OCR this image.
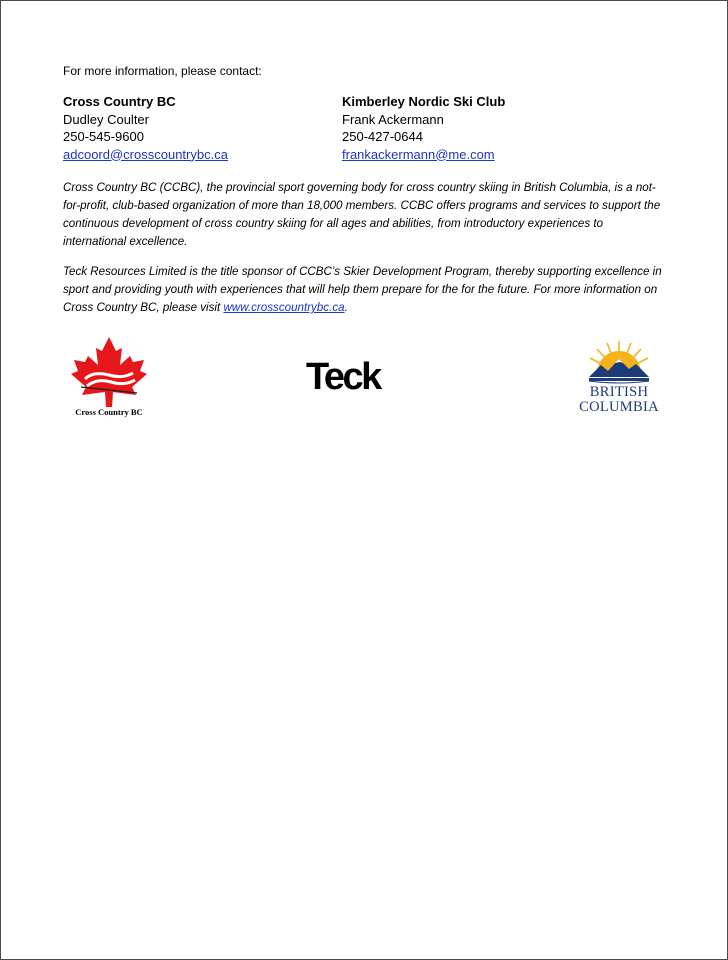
For more information, please contact:
Cross Country BC
Dudley Coulter
250-545-9600
adcoord@crosscountrybc.ca
Kimberley Nordic Ski Club
Frank Ackermann
250-427-0644
frankackermann@me.com
Cross Country BC (CCBC), the provincial sport governing body for cross country skiing in British Columbia, is a not-for-profit, club-based organization of more than 18,000 members. CCBC offers programs and services to support the continuous development of cross country skiing for all ages and abilities, from introductory experiences to international excellence.
Teck Resources Limited is the title sponsor of CCBC’s Skier Development Program, thereby supporting excellence in sport and providing youth with experiences that will help them prepare for the for the future. For more information on Cross Country BC, please visit www.crosscountrybc.ca.
Cross Country BC
Teck	BRITISH
COLUMBIA
